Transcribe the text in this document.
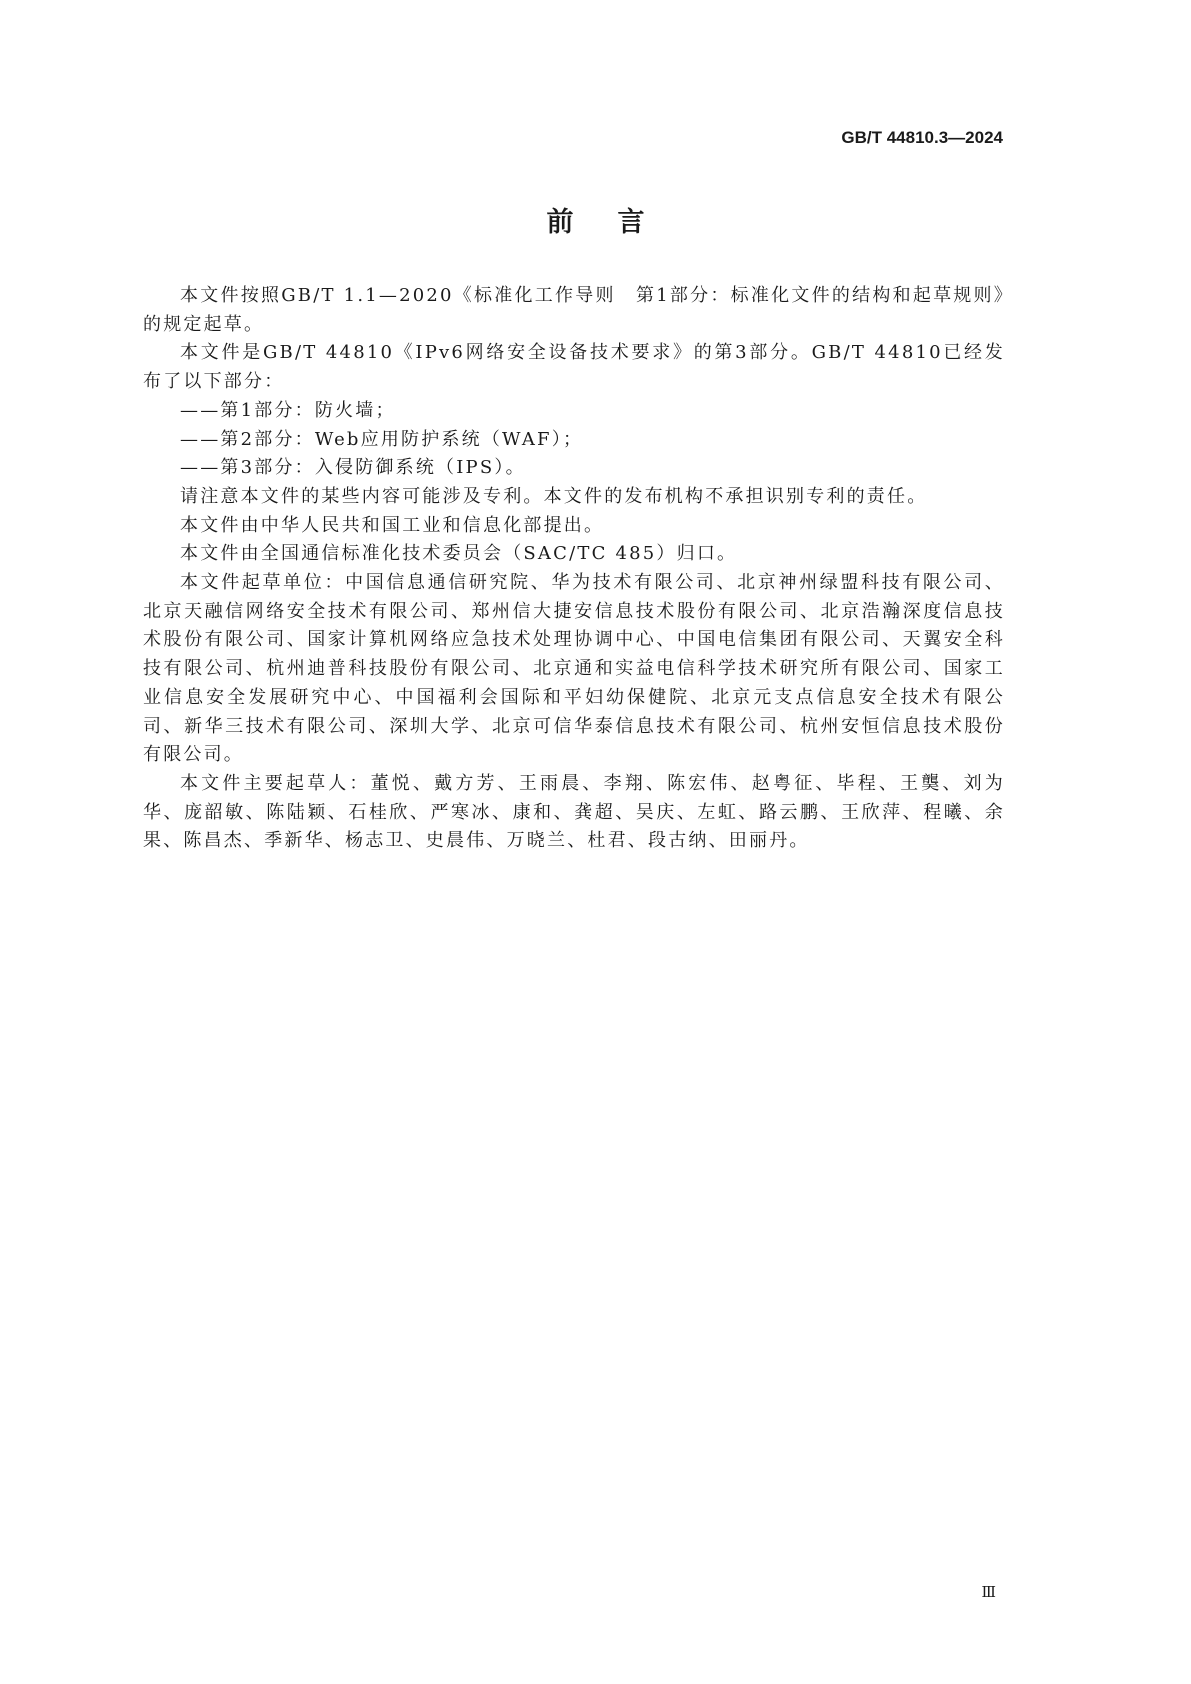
GB/T 44810.3—2024
前言

本文件按照GB/T 1.1—2020《标准化工作导则　第1部分：标准化文件的结构和起草规则》的规定起草。

本文件是GB/T 44810《IPv6网络安全设备技术要求》的第3部分。GB/T 44810已经发布了以下部分：

——第1部分：防火墙；

——第2部分：Web应用防护系统（WAF）；

——第3部分：入侵防御系统（IPS）。

请注意本文件的某些内容可能涉及专利。本文件的发布机构不承担识别专利的责任。

本文件由中华人民共和国工业和信息化部提出。

本文件由全国通信标准化技术委员会（SAC/TC 485）归口。

本文件起草单位：中国信息通信研究院、华为技术有限公司、北京神州绿盟科技有限公司、北京天融信网络安全技术有限公司、郑州信大捷安信息技术股份有限公司、北京浩瀚深度信息技术股份有限公司、国家计算机网络应急技术处理协调中心、中国电信集团有限公司、天翼安全科技有限公司、杭州迪普科技股份有限公司、北京通和实益电信科学技术研究所有限公司、国家工业信息安全发展研究中心、中国福利会国际和平妇幼保健院、北京元支点信息安全技术有限公司、新华三技术有限公司、深圳大学、北京可信华泰信息技术有限公司、杭州安恒信息技术股份有限公司。

本文件主要起草人：董悦、戴方芳、王雨晨、李翔、陈宏伟、赵粤征、毕程、王龑、刘为华、庞韶敏、陈陆颖、石桂欣、严寒冰、康和、龚超、吴庆、左虹、路云鹏、王欣萍、程曦、余果、陈昌杰、季新华、杨志卫、史晨伟、万晓兰、杜君、段古纳、田丽丹。

Ⅲ
